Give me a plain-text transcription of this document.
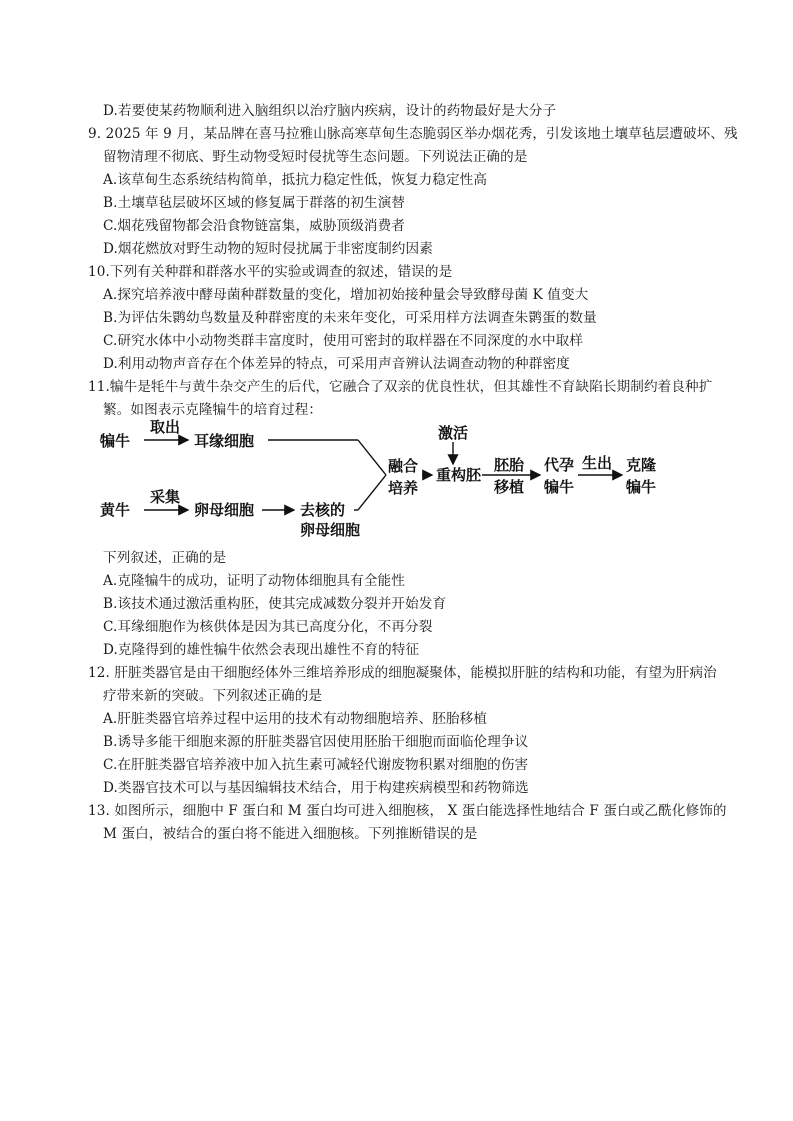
D.若要使某药物顺利进入脑组织以治疗脑内疾病，设计的药物最好是大分子
9. 2025 年 9 月，某品牌在喜马拉雅山脉高寒草甸生态脆弱区举办烟花秀，引发该地土壤草毡层遭破坏、残
留物清理不彻底、野生动物受短时侵扰等生态问题。下列说法正确的是
A.该草甸生态系统结构简单，抵抗力稳定性低，恢复力稳定性高
B.土壤草毡层破坏区域的修复属于群落的初生演替
C.烟花残留物都会沿食物链富集，威胁顶级消费者
D.烟花燃放对野生动物的短时侵扰属于非密度制约因素
10.下列有关种群和群落水平的实验或调查的叙述，错误的是
A.探究培养液中酵母菌种群数量的变化，增加初始接种量会导致酵母菌 K 值变大
B.为评估朱鹮幼鸟数量及种群密度的未来年变化，可采用样方法调查朱鹮蛋的数量
C.研究水体中小动物类群丰富度时，使用可密封的取样器在不同深度的水中取样
D.利用动物声音存在个体差异的特点，可采用声音辨认法调查动物的种群密度
11.犏牛是牦牛与黄牛杂交产生的后代，它融合了双亲的优良性状，但其雄性不育缺陷长期制约着良种扩
繁。如图表示克隆犏牛的培育过程：
犏牛
取出
耳缘细胞
黄牛
采集
卵母细胞	去核的
卵母细胞
融合
培养
激活
重构胚
胚胎
移植
代孕
犏牛
生出 克隆
犏牛
下列叙述，正确的是
A.克隆犏牛的成功，证明了动物体细胞具有全能性
B.该技术通过激活重构胚，使其完成减数分裂并开始发育
C.耳缘细胞作为核供体是因为其已高度分化，不再分裂
D.克隆得到的雄性犏牛依然会表现出雄性不育的特征
12. 肝脏类器官是由干细胞经体外三维培养形成的细胞凝聚体，能模拟肝脏的结构和功能，有望为肝病治
疗带来新的突破。下列叙述正确的是
A.肝脏类器官培养过程中运用的技术有动物细胞培养、胚胎移植
B.诱导多能干细胞来源的肝脏类器官因使用胚胎干细胞而面临伦理争议
C.在肝脏类器官培养液中加入抗生素可减轻代谢废物积累对细胞的伤害
D.类器官技术可以与基因编辑技术结合，用于构建疾病模型和药物筛选
13. 如图所示，细胞中 F 蛋白和 M 蛋白均可进入细胞核， X 蛋白能选择性地结合 F 蛋白或乙酰化修饰的
M 蛋白，被结合的蛋白将不能进入细胞核。下列推断错误的是
